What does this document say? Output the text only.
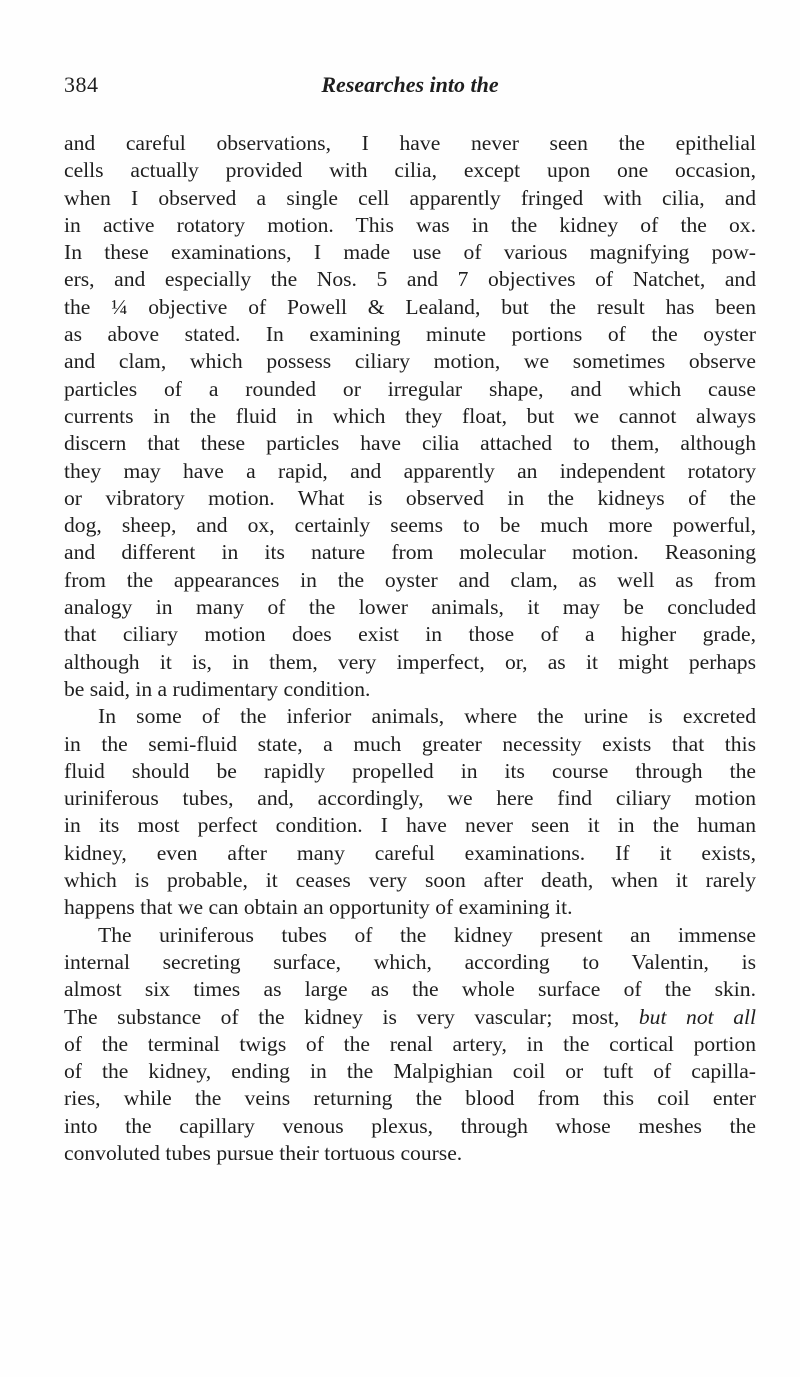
384	Researches into the
and careful observations, I have never seen the epithelial
cells actually provided with cilia, except upon one occasion,
when I observed a single cell apparently fringed with cilia, and
in active rotatory motion. This was in the kidney of the ox.
In these examinations, I made use of various magnifying pow-
ers, and especially the Nos. 5 and 7 objectives of Natchet, and
the ¼ objective of Powell & Lealand, but the result has been
as above stated. In examining minute portions of the oyster
and clam, which possess ciliary motion, we sometimes observe
particles of a rounded or irregular shape, and which cause
currents in the fluid in which they float, but we cannot always
discern that these particles have cilia attached to them, although
they may have a rapid, and apparently an independent rotatory
or vibratory motion. What is observed in the kidneys of the
dog, sheep, and ox, certainly seems to be much more powerful,
and different in its nature from molecular motion. Reasoning
from the appearances in the oyster and clam, as well as from
analogy in many of the lower animals, it may be concluded
that ciliary motion does exist in those of a higher grade,
although it is, in them, very imperfect, or, as it might perhaps
be said, in a rudimentary condition.
In some of the inferior animals, where the urine is excreted
in the semi-fluid state, a much greater necessity exists that this
fluid should be rapidly propelled in its course through the
uriniferous tubes, and, accordingly, we here find ciliary motion
in its most perfect condition. I have never seen it in the human
kidney, even after many careful examinations. If it exists,
which is probable, it ceases very soon after death, when it rarely
happens that we can obtain an opportunity of examining it.
The uriniferous tubes of the kidney present an immense
internal secreting surface, which, according to Valentin, is
almost six times as large as the whole surface of the skin.
The substance of the kidney is very vascular; most, but not all
of the terminal twigs of the renal artery, in the cortical portion
of the kidney, ending in the Malpighian coil or tuft of capilla-
ries, while the veins returning the blood from this coil enter
into the capillary venous plexus, through whose meshes the
convoluted tubes pursue their tortuous course.
